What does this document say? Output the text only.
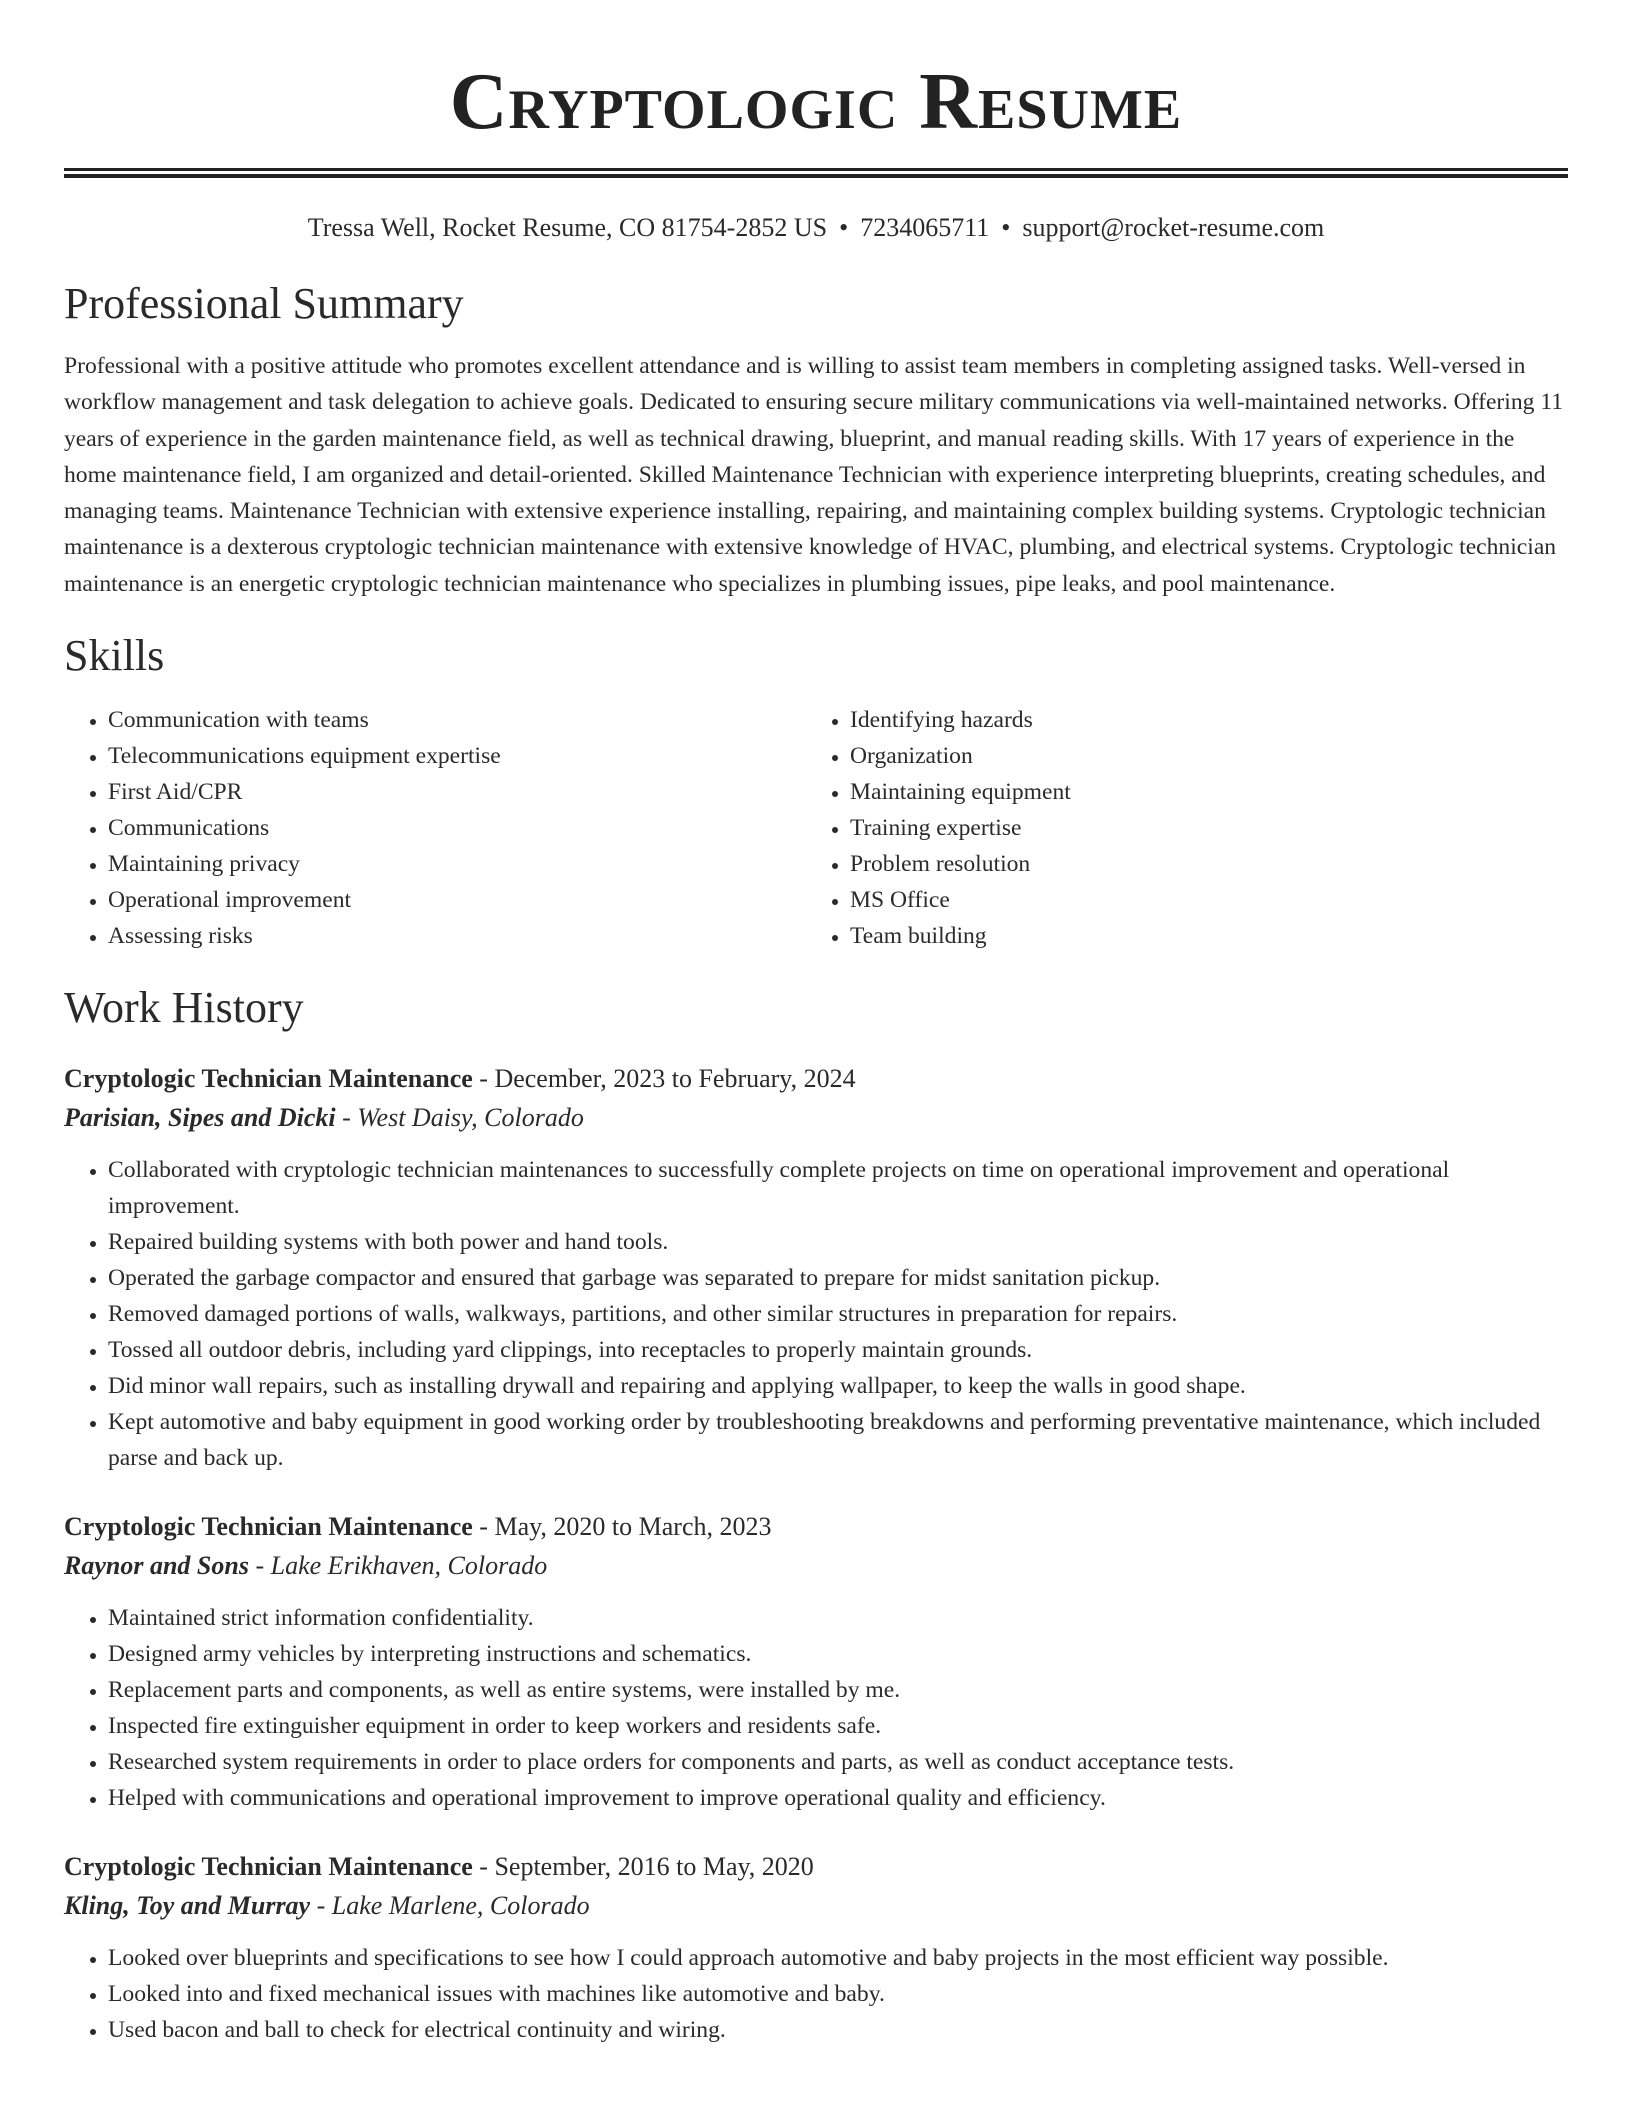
Cryptologic Resume
Tressa Well, Rocket Resume, CO 81754-2852 US • 7234065711 • support@rocket-resume.com
Professional Summary

Professional with a positive attitude who promotes excellent attendance and is willing to assist team members in completing assigned tasks. Well-versed in workflow management and task delegation to achieve goals. Dedicated to ensuring secure military communications via well-maintained networks. Offering 11 years of experience in the garden maintenance field, as well as technical drawing, blueprint, and manual reading skills. With 17 years of experience in the home maintenance field, I am organized and detail-oriented. Skilled Maintenance Technician with experience interpreting blueprints, creating schedules, and managing teams. Maintenance Technician with extensive experience installing, repairing, and maintaining complex building systems. Cryptologic technician maintenance is a dexterous cryptologic technician maintenance with extensive knowledge of HVAC, plumbing, and electrical systems. Cryptologic technician maintenance is an energetic cryptologic technician maintenance who specializes in plumbing issues, pipe leaks, and pool maintenance.

Skills
• Communication with teams
• Telecommunications equipment expertise
• First Aid/CPR
• Communications
• Maintaining privacy
• Operational improvement
• Assessing risks
• Identifying hazards
• Organization
• Maintaining equipment
• Training expertise
• Problem resolution
• MS Office
• Team building
Work History
Cryptologic Technician Maintenance - December, 2023 to February, 2024
Parisian, Sipes and Dicki - West Daisy, Colorado
• Collaborated with cryptologic technician maintenances to successfully complete projects on time on operational improvement and operational improvement.
• Repaired building systems with both power and hand tools.
• Operated the garbage compactor and ensured that garbage was separated to prepare for midst sanitation pickup.
• Removed damaged portions of walls, walkways, partitions, and other similar structures in preparation for repairs.
• Tossed all outdoor debris, including yard clippings, into receptacles to properly maintain grounds.
• Did minor wall repairs, such as installing drywall and repairing and applying wallpaper, to keep the walls in good shape.
• Kept automotive and baby equipment in good working order by troubleshooting breakdowns and performing preventative maintenance, which included parse and back up.
Cryptologic Technician Maintenance - May, 2020 to March, 2023
Raynor and Sons - Lake Erikhaven, Colorado
• Maintained strict information confidentiality.
• Designed army vehicles by interpreting instructions and schematics.
• Replacement parts and components, as well as entire systems, were installed by me.
• Inspected fire extinguisher equipment in order to keep workers and residents safe.
• Researched system requirements in order to place orders for components and parts, as well as conduct acceptance tests.
• Helped with communications and operational improvement to improve operational quality and efficiency.
Cryptologic Technician Maintenance - September, 2016 to May, 2020
Kling, Toy and Murray - Lake Marlene, Colorado
• Looked over blueprints and specifications to see how I could approach automotive and baby projects in the most efficient way possible.
• Looked into and fixed mechanical issues with machines like automotive and baby.
• Used bacon and ball to check for electrical continuity and wiring.
